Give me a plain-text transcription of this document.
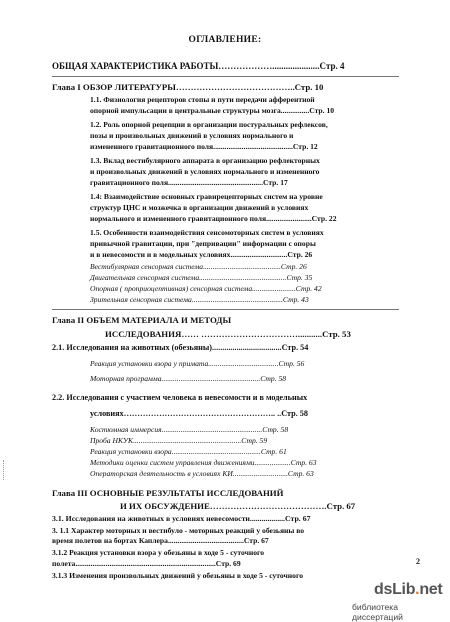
ОГЛАВЛЕНИЕ:
ОБЩАЯ ХАРАКТЕРИСТИКА РАБОТЫ……………….....................Стр. 4
Глава I ОБЗОР ЛИТЕРАТУРЫ…………………………………..Стр. 10
1.1. Физиология рецепторов стопы и пути передачи афферентной
опорной импульсации в центральные структуры мозга...............Стр. 10
1.2. Роль опорной рецепции в организации постуральных рефлексов,
позы и произвольных движений в условиях нормального и
измененного гравитационного поля..........................................Стр. 12
1.3. Вклад вестибулярного аппарата в организацию рефлекторных
и произвольных движений в условиях нормального и измененного
гравитационного поля..................................................Стр. 17
1.4: Взаимодействие основных гравирецепторных систем на уровне
структур ЦНС и мозжечка в организации движений в условиях
нормального и измененного гравитационного поля........................Стр. 22
1.5. Особенности взаимодействия сенсомоторных систем в условиях
привычной гравитации, при "депривации" информации с опоры
и в невесомости и в модельных условиях..............................Стр. 26
Вестибулярная сенсорная система.........................................Стр. 26
Двигательная сенсорная система..............................................Стр. 35
Опорная ( проприоцептивная) сенсорная система.......................Стр. 42
Зрительная сенсорная система................................................Стр. 43
Глава II ОБЪЕМ МАТЕРИАЛА И МЕТОДЫ
ИССЛЕДОВАНИЯ…… ……………………………...........Стр. 53
2.1. Исследования на животных (обезьяны)..................................Стр. 54
Реакция установки взора у примата.....................................Стр. 56
Моторная программа....................................................Стр. 58
2.2. Исследования с участием человека в невесомости и в модельных
условиях……………………………………………….. ..Стр. 58
Костюмная иммерсия.....................................................Стр. 58
Проба НКУК.........................................................Стр. 59
Реакция установки взора...............................................Стр. 61
Методики оценки систем управления движениями...................Стр. 63
Операторская деятельность в условиях КИ.............................Стр. 63
Глава III ОСНОВНЫЕ РЕЗУЛЬТАТЫ ИССЛЕДОВАНИЙ
И ИХ ОБСУЖДЕНИЕ………………………………….Стр. 67
3.1. Исследования на животных в условиях невесомости..................Стр. 67
3. 1.1 Характер моторных и вестибуло - моторных реакций у обезьяны во
время полетов на бортах Каплера........................................Стр. 67
3.1.2 Реакция установки взора у обезьяны в ходе 5 - суточного
полета..........................................................................Стр. 69
3.1.3 Изменения произвольных движений у обезьяны в ходе 5 - суточного
2
dsLib.net
библиотека диссертаций
